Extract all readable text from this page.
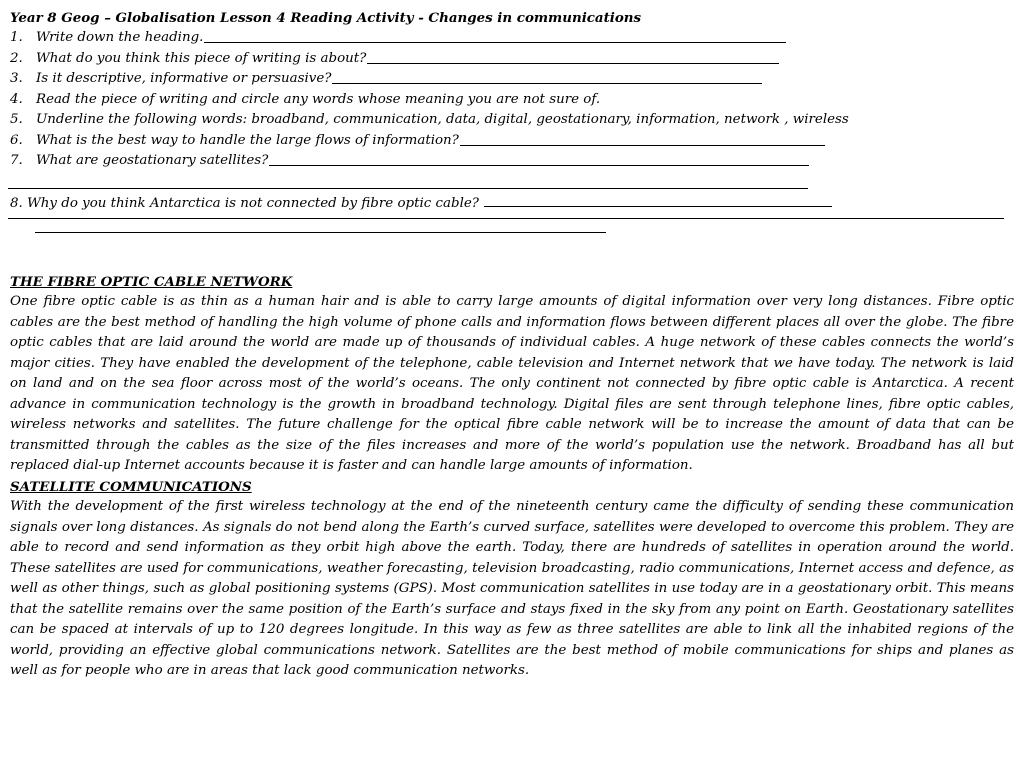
Year 8 Geog – Globalisation Lesson 4 Reading Activity - Changes in communications
1. Write down the heading.
2. What do you think this piece of writing is about?
3. Is it descriptive, informative or persuasive?
4. Read the piece of writing and circle any words whose meaning you are not sure of.
5. Underline the following words: broadband, communication, data, digital, geostationary, information, network , wireless
6. What is the best way to handle the large flows of information?
7. What are geostationary satellites?
8. Why do you think Antarctica is not connected by fibre optic cable?
THE FIBRE OPTIC CABLE NETWORK

One fibre optic cable is as thin as a human hair and is able to carry large amounts of digital information over very long distances. Fibre optic cables are the best method of handling the high volume of phone calls and information flows between different places all over the globe. The fibre optic cables that are laid around the world are made up of thousands of individual cables. A huge network of these cables connects the world’s major cities. They have enabled the development of the telephone, cable television and Internet network that we have today. The network is laid on land and on the sea floor across most of the world’s oceans. The only continent not connected by fibre optic cable is Antarctica. A recent advance in communication technology is the growth in broadband technology. Digital files are sent through telephone lines, fibre optic cables, wireless networks and satellites. The future challenge for the optical fibre cable network will be to increase the amount of data that can be transmitted through the cables as the size of the files increases and more of the world’s population use the network. Broadband has all but replaced dial-up Internet accounts because it is faster and can handle large amounts of information.

SATELLITE COMMUNICATIONS

With the development of the first wireless technology at the end of the nineteenth century came the difficulty of sending these communication signals over long distances. As signals do not bend along the Earth’s curved surface, satellites were developed to overcome this problem. They are able to record and send information as they orbit high above the earth. Today, there are hundreds of satellites in operation around the world. These satellites are used for communications, weather forecasting, television broadcasting, radio communications, Internet access and defence, as well as other things, such as global positioning systems (GPS). Most communication satellites in use today are in a geostationary orbit. This means that the satellite remains over the same position of the Earth’s surface and stays fixed in the sky from any point on Earth. Geostationary satellites can be spaced at intervals of up to 120 degrees longitude. In this way as few as three satellites are able to link all the inhabited regions of the world, providing an effective global communications network. Satellites are the best method of mobile communications for ships and planes as well as for people who are in areas that lack good communication networks.
